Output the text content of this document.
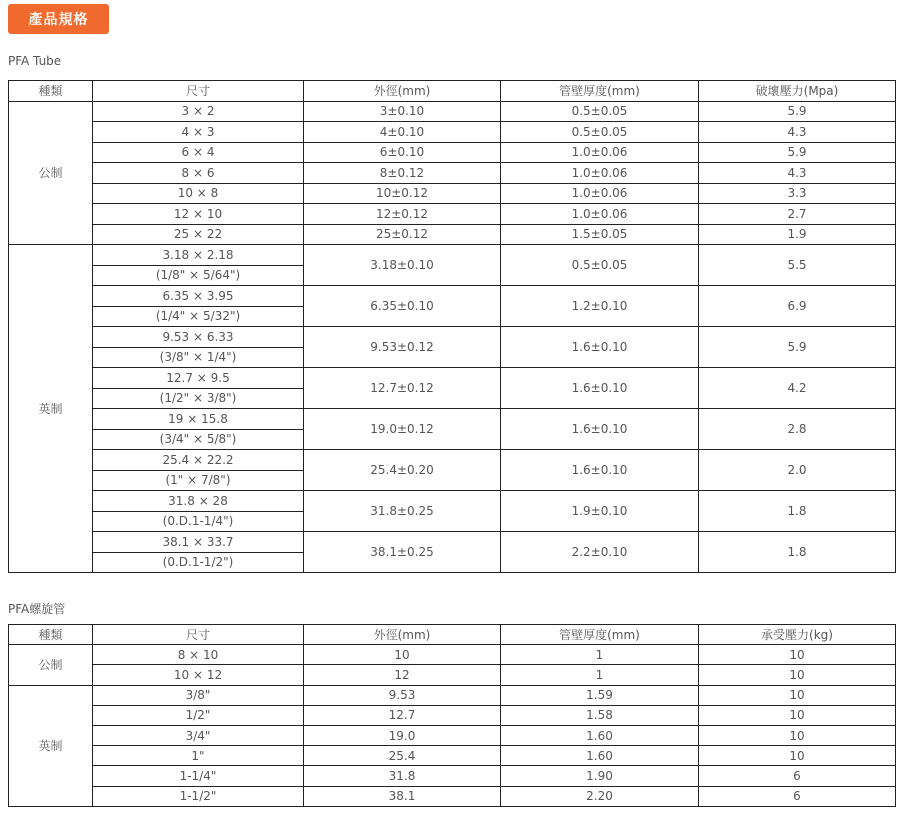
產品規格
PFA Tube
種類	尺寸	外徑(mm)	管壁厚度(mm)	破壞壓力(Mpa)
公制	3 × 2	3±0.10	0.5±0.05	5.9
	4 × 3	4±0.10	0.5±0.05	4.3
	6 × 4	6±0.10	1.0±0.06	5.9
	8 × 6	8±0.12	1.0±0.06	4.3
	10 × 8	10±0.12	1.0±0.06	3.3
	12 × 10	12±0.12	1.0±0.06	2.7
	25 × 22	25±0.12	1.5±0.05	1.9
英制	3.18 × 2.18	3.18±0.10	0.5±0.05	5.5
	(1/8" × 5/64")			
	6.35 × 3.95	6.35±0.10	1.2±0.10	6.9
	(1/4" × 5/32")			
	9.53 × 6.33	9.53±0.12	1.6±0.10	5.9
	(3/8" × 1/4")			
	12.7 × 9.5	12.7±0.12	1.6±0.10	4.2
	(1/2" × 3/8")			
	19 × 15.8	19.0±0.12	1.6±0.10	2.8
	(3/4" × 5/8")			
	25.4 × 22.2	25.4±0.20	1.6±0.10	2.0
	(1" × 7/8")			
	31.8 × 28	31.8±0.25	1.9±0.10	1.8
	(0.D.1-1/4")			
	38.1 × 33.7	38.1±0.25	2.2±0.10	1.8
	(0.D.1-1/2")			
PFA螺旋管
種類	尺寸	外徑(mm)	管壁厚度(mm)	承受壓力(kg)
公制	8 × 10	10	1	10
	10 × 12	12	1	10
英制	3/8"	9.53	1.59	10
	1/2"	12.7	1.58	10
	3/4"	19.0	1.60	10
	1"	25.4	1.60	10
	1-1/4"	31.8	1.90	6
	1-1/2"	38.1	2.20	6
